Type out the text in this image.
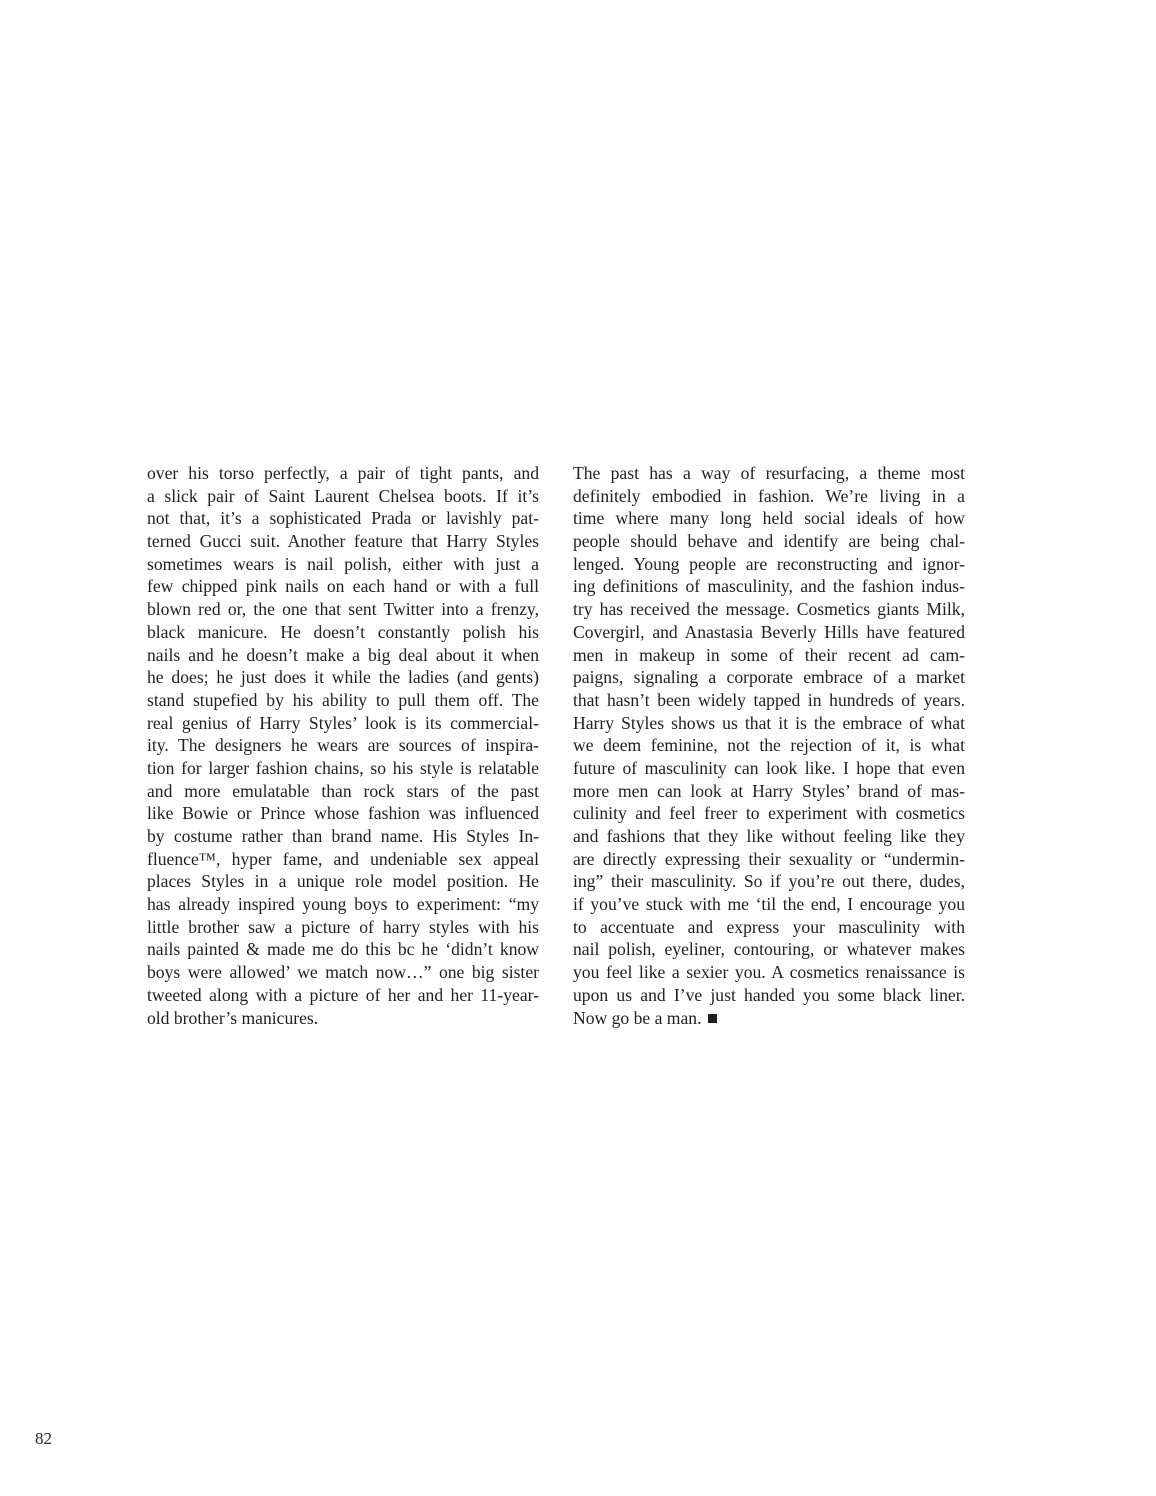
over his torso perfectly, a pair of tight pants, and
a slick pair of Saint Laurent Chelsea boots. If it’s
not that, it’s a sophisticated Prada or lavishly pat-
terned Gucci suit. Another feature that Harry Styles
sometimes wears is nail polish, either with just a
few chipped pink nails on each hand or with a full
blown red or, the one that sent Twitter into a frenzy,
black manicure. He doesn’t constantly polish his
nails and he doesn’t make a big deal about it when
he does; he just does it while the ladies (and gents)
stand stupefied by his ability to pull them off. The
real genius of Harry Styles’ look is its commercial-
ity. The designers he wears are sources of inspira-
tion for larger fashion chains, so his style is relatable
and more emulatable than rock stars of the past
like Bowie or Prince whose fashion was influenced
by costume rather than brand name. His Styles In-
fluence™, hyper fame, and undeniable sex appeal
places Styles in a unique role model position. He
has already inspired young boys to experiment: “my
little brother saw a picture of harry styles with his
nails painted & made me do this bc he ‘didn’t know
boys were allowed’ we match now…” one big sister
tweeted along with a picture of her and her 11-year-
old brother’s manicures.
The past has a way of resurfacing, a theme most
definitely embodied in fashion. We’re living in a
time where many long held social ideals of how
people should behave and identify are being chal-
lenged. Young people are reconstructing and ignor-
ing definitions of masculinity, and the fashion indus-
try has received the message. Cosmetics giants Milk,
Covergirl, and Anastasia Beverly Hills have featured
men in makeup in some of their recent ad cam-
paigns, signaling a corporate embrace of a market
that hasn’t been widely tapped in hundreds of years.
Harry Styles shows us that it is the embrace of what
we deem feminine, not the rejection of it, is what
future of masculinity can look like. I hope that even
more men can look at Harry Styles’ brand of mas-
culinity and feel freer to experiment with cosmetics
and fashions that they like without feeling like they
are directly expressing their sexuality or “undermin-
ing” their masculinity. So if you’re out there, dudes,
if you’ve stuck with me ‘til the end, I encourage you
to accentuate and express your masculinity with
nail polish, eyeliner, contouring, or whatever makes
you feel like a sexier you. A cosmetics renaissance is
upon us and I’ve just handed you some black liner.
Now go be a man.
82
